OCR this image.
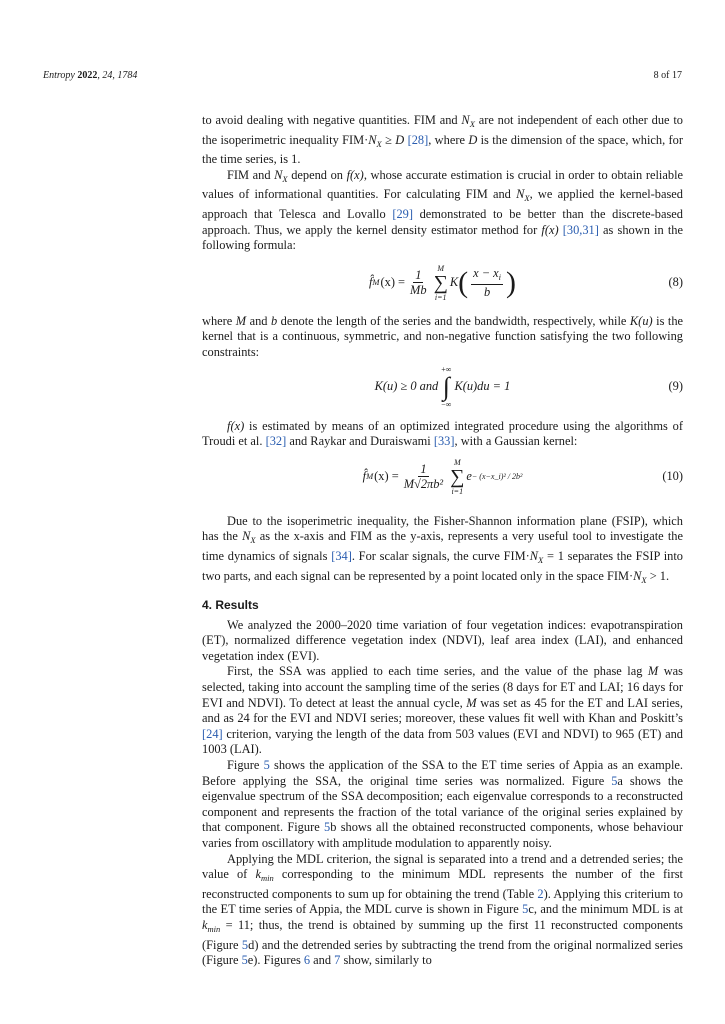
Entropy 2022, 24, 1784	8 of 17

to avoid dealing with negative quantities. FIM and $N_X$ are not independent of each other due to the isoperimetric inequality $FIM\cdot N_X \ge D$ [28], where D is the dimension of the space, which, for the time series, is 1.

FIM and $N_X$ depend on f(x), whose accurate estimation is crucial in order to obtain reliable values of informational quantities. For calculating FIM and $N_X$, we applied the kernel-based approach that Telesca and Lovallo [29] demonstrated to be better than the discrete-based approach. Thus, we apply the kernel density estimator method for f(x) [30,31] as shown in the following formula:

f̂ M $(x) = \frac{1}{Mb}$ M
∑
i=1
K ( $\frac{x - x_i}{b}$ )	(8)

where M and b denote the length of the series and the bandwidth, respectively, while K(u) is the kernel that is a continuous, symmetric, and non-negative function satisfying the two following constraints:

K(u) ≥ 0 and
+∞
∫
−∞
K(u)du = 1	(9)

f(x) is estimated by means of an optimized integrated procedure using the algorithms of Troudi et al. [32] and Raykar and Duraiswami [33], with a Gaussian kernel:

f̂ M $(x) = \frac{1}{\text{M√2πb²}}$ M
∑
i=1
e − (x−x_i)² / 2b²	(10)

Due to the isoperimetric inequality, the Fisher-Shannon information plane (FSIP), which has the $N_X$ as the x-axis and FIM as the y-axis, represents a very useful tool to investigate the time dynamics of signals [34]. For scalar signals, the curve $FIM\cdot N_X = 1$ separates the FSIP into two parts, and each signal can be represented by a point located only in the space $FIM\cdot N_X > 1$.

4. Results

We analyzed the 2000–2020 time variation of four vegetation indices: evapotranspiration (ET), normalized difference vegetation index (NDVI), leaf area index (LAI), and enhanced vegetation index (EVI).

First, the SSA was applied to each time series, and the value of the phase lag M was selected, taking into account the sampling time of the series (8 days for ET and LAI; 16 days for EVI and NDVI). To detect at least the annual cycle, M was set as 45 for the ET and LAI series, and as 24 for the EVI and NDVI series; moreover, these values fit well with Khan and Poskitt’s [24] criterion, varying the length of the data from 503 values (EVI and NDVI) to 965 (ET) and 1003 (LAI).

Figure 5 shows the application of the SSA to the ET time series of Appia as an example. Before applying the SSA, the original time series was normalized. Figure 5a shows the eigenvalue spectrum of the SSA decomposition; each eigenvalue corresponds to a reconstructed component and represents the fraction of the total variance of the original series explained by that component. Figure 5b shows all the obtained reconstructed components, whose behaviour varies from oscillatory with amplitude modulation to apparently noisy.

Applying the MDL criterion, the signal is separated into a trend and a detrended series; the value of $k_{min}$ corresponding to the minimum MDL represents the number of the first reconstructed components to sum up for obtaining the trend (Table 2). Applying this criterium to the ET time series of Appia, the MDL curve is shown in Figure 5c, and the minimum MDL is at $k_{min} = 11$; thus, the trend is obtained by summing up the first 11 reconstructed components (Figure 5d) and the detrended series by subtracting the trend from the original normalized series (Figure 5e). Figures 6 and 7 show, similarly to
